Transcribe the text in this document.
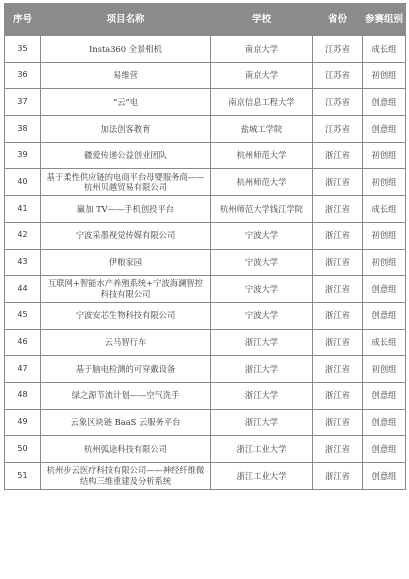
序号	项目名称	学校	省份	参赛组别
35	Insta360 全景相机	南京大学	江苏省	成长组
36	易维营	南京大学	江苏省	初创组
37	“云”电	南京信息工程大学	江苏省	创意组
38	加法创客教育	盐城工学院	江苏省	创意组
39	疆爱传递公益创业团队	杭州师范大学	浙江省	初创组
40	基于柔性供应链的电商平台母婴服务商——杭州贝越贸易有限公司	杭州师范大学	浙江省	初创组
41	赢加 TV——手机创投平台	杭州师范大学钱江学院	浙江省	成长组
42	宁波采墨视觉传媒有限公司	宁波大学	浙江省	初创组
43	伊粮家园	宁波大学	浙江省	初创组
44	互联网+智能水产养殖系统+宁波海澜智控科技有限公司	宁波大学	浙江省	创意组
45	宁波安芯生物科技有限公司	宁波大学	浙江省	创意组
46	云马智行车	浙江大学	浙江省	成长组
47	基于脑电检测的可穿戴设备	浙江大学	浙江省	初创组
48	绿之源节流计划——空气洗手	浙江大学	浙江省	创意组
49	云象区块链 BaaS 云服务平台	浙江大学	浙江省	创意组
50	杭州弧途科技有限公司	浙江工业大学	浙江省	创意组
51	杭州步云医疗科技有限公司——神经纤维微结构三维重建及分析系统	浙江工业大学	浙江省	创意组
